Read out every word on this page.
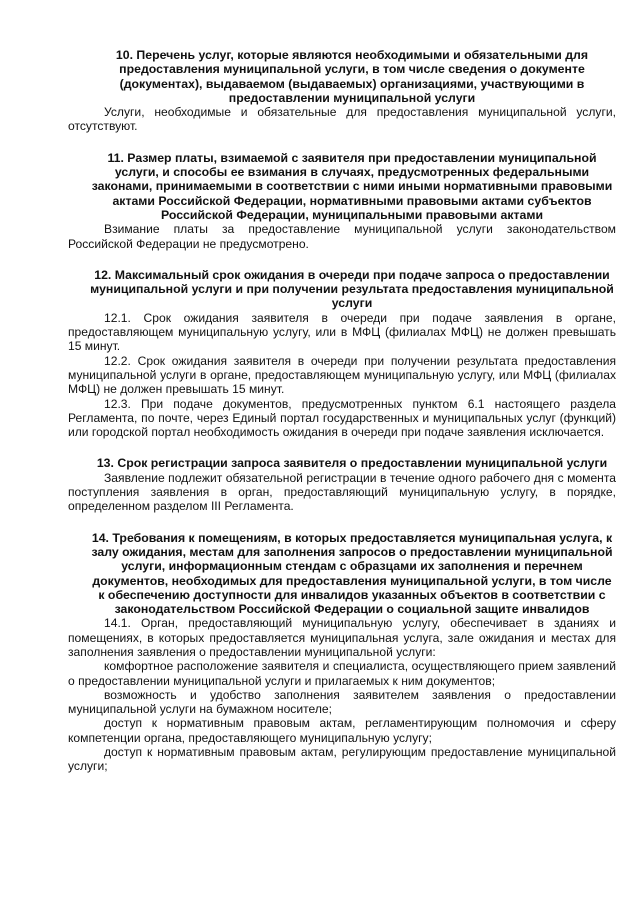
10. Перечень услуг, которые являются необходимыми и обязательными для предоставления муниципальной услуги, в том числе сведения о документе (документах), выдаваемом (выдаваемых) организациями, участвующими в предоставлении муниципальной услуги

Услуги, необходимые и обязательные для предоставления муниципальной услуги, отсутствуют.

11. Размер платы, взимаемой с заявителя при предоставлении муниципальной услуги, и способы ее взимания в случаях, предусмотренных федеральными законами, принимаемыми в соответствии с ними иными нормативными правовыми актами Российской Федерации, нормативными правовыми актами субъектов Российской Федерации, муниципальными правовыми актами

Взимание платы за предоставление муниципальной услуги законодательством Российской Федерации не предусмотрено.

12. Максимальный срок ожидания в очереди при подаче запроса о предоставлении муниципальной услуги и при получении результата предоставления муниципальной услуги

12.1. Срок ожидания заявителя в очереди при подаче заявления в органе, предоставляющем муниципальную услугу, или в МФЦ (филиалах МФЦ) не должен превышать 15 минут.

12.2. Срок ожидания заявителя в очереди при получении результата предоставления муниципальной услуги в органе, предоставляющем муниципальную услугу, или МФЦ (филиалах МФЦ) не должен превышать 15 минут.

12.3. При подаче документов, предусмотренных пунктом 6.1 настоящего раздела Регламента, по почте, через Единый портал государственных и муниципальных услуг (функций) или городской портал необходимость ожидания в очереди при подаче заявления исключается.

13. Срок регистрации запроса заявителя о предоставлении муниципальной услуги

Заявление подлежит обязательной регистрации в течение одного рабочего дня с момента поступления заявления в орган, предоставляющий муниципальную услугу, в порядке, определенном разделом III Регламента.

14. Требования к помещениям, в которых предоставляется муниципальная услуга, к залу ожидания, местам для заполнения запросов о предоставлении муниципальной услуги, информационным стендам с образцами их заполнения и перечнем документов, необходимых для предоставления муниципальной услуги, в том числе к обеспечению доступности для инвалидов указанных объектов в соответствии с законодательством Российской Федерации о социальной защите инвалидов

14.1. Орган, предоставляющий муниципальную услугу, обеспечивает в зданиях и помещениях, в которых предоставляется муниципальная услуга, зале ожидания и местах для заполнения заявления о предоставлении муниципальной услуги:

комфортное расположение заявителя и специалиста, осуществляющего прием заявлений о предоставлении муниципальной услуги и прилагаемых к ним документов;

возможность и удобство заполнения заявителем заявления о предоставлении муниципальной услуги на бумажном носителе;

доступ к нормативным правовым актам, регламентирующим полномочия и сферу компетенции органа, предоставляющего муниципальную услугу;

доступ к нормативным правовым актам, регулирующим предоставление муниципальной услуги;
